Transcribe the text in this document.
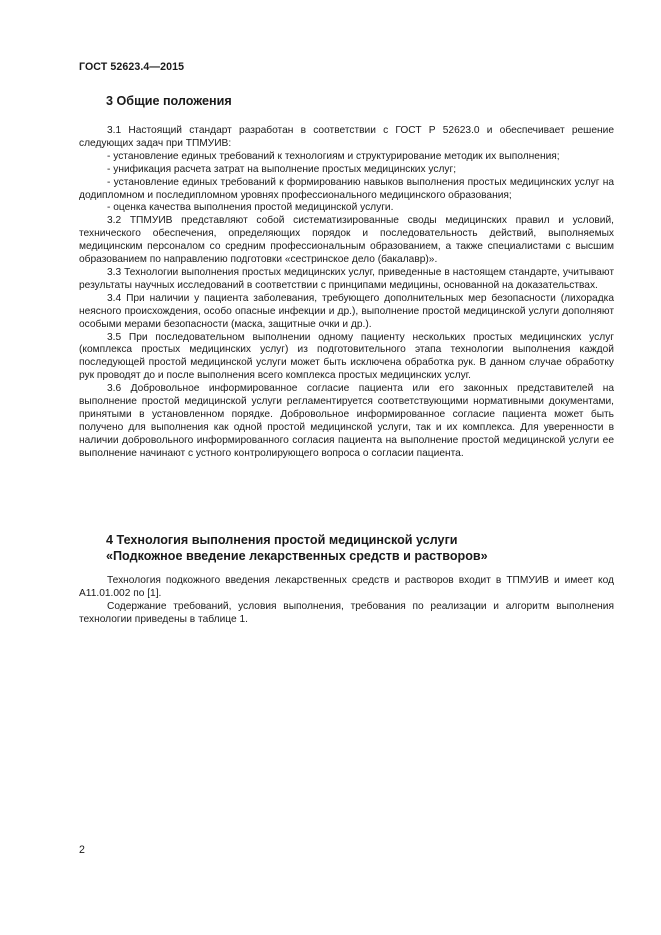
ГОСТ 52623.4—2015
3 Общие положения

3.1 Настоящий стандарт разработан в соответствии с ГОСТ Р 52623.0 и обеспечивает решение следующих задач при ТПМУИВ:

- установление единых требований к технологиям и структурирование методик их выполнения;

- унификация расчета затрат на выполнение простых медицинских услуг;

- установление единых требований к формированию навыков выполнения простых медицинских услуг на додипломном и последипломном уровнях профессионального медицинского образования;

- оценка качества выполнения простой медицинской услуги.

3.2 ТПМУИВ представляют собой систематизированные своды медицинских правил и условий, технического обеспечения, определяющих порядок и последовательность действий, выполняемых медицинским персоналом со средним профессиональным образованием, а также специалистами с высшим образованием по направлению подготовки «сестринское дело (бакалавр)».

3.3 Технологии выполнения простых медицинских услуг, приведенные в настоящем стандарте, учитывают результаты научных исследований в соответствии с принципами медицины, основанной на доказательствах.

3.4 При наличии у пациента заболевания, требующего дополнительных мер безопасности (лихорадка неясного происхождения, особо опасные инфекции и др.), выполнение простой медицинской услуги дополняют особыми мерами безопасности (маска, защитные очки и др.).

3.5 При последовательном выполнении одному пациенту нескольких простых медицинских услуг (комплекса простых медицинских услуг) из подготовительного этапа технологии выполнения каждой последующей простой медицинской услуги может быть исключена обработка рук. В данном случае обработку рук проводят до и после выполнения всего комплекса простых медицинских услуг.

3.6 Добровольное информированное согласие пациента или его законных представителей на выполнение простой медицинской услуги регламентируется соответствующими нормативными документами, принятыми в установленном порядке. Добровольное информированное согласие пациента может быть получено для выполнения как одной простой медицинской услуги, так и их комплекса. Для уверенности в наличии добровольного информированного согласия пациента на выполнение простой медицинской услуги ее выполнение начинают с устного контролирующего вопроса о согласии пациента.

4 Технология выполнения простой медицинской услуги
«Подкожное введение лекарственных средств и растворов»

Технология подкожного введения лекарственных средств и растворов входит в ТПМУИВ и имеет код А11.01.002 по [1].

Содержание требований, условия выполнения, требования по реализации и алгоритм выполнения технологии приведены в таблице 1.

2
